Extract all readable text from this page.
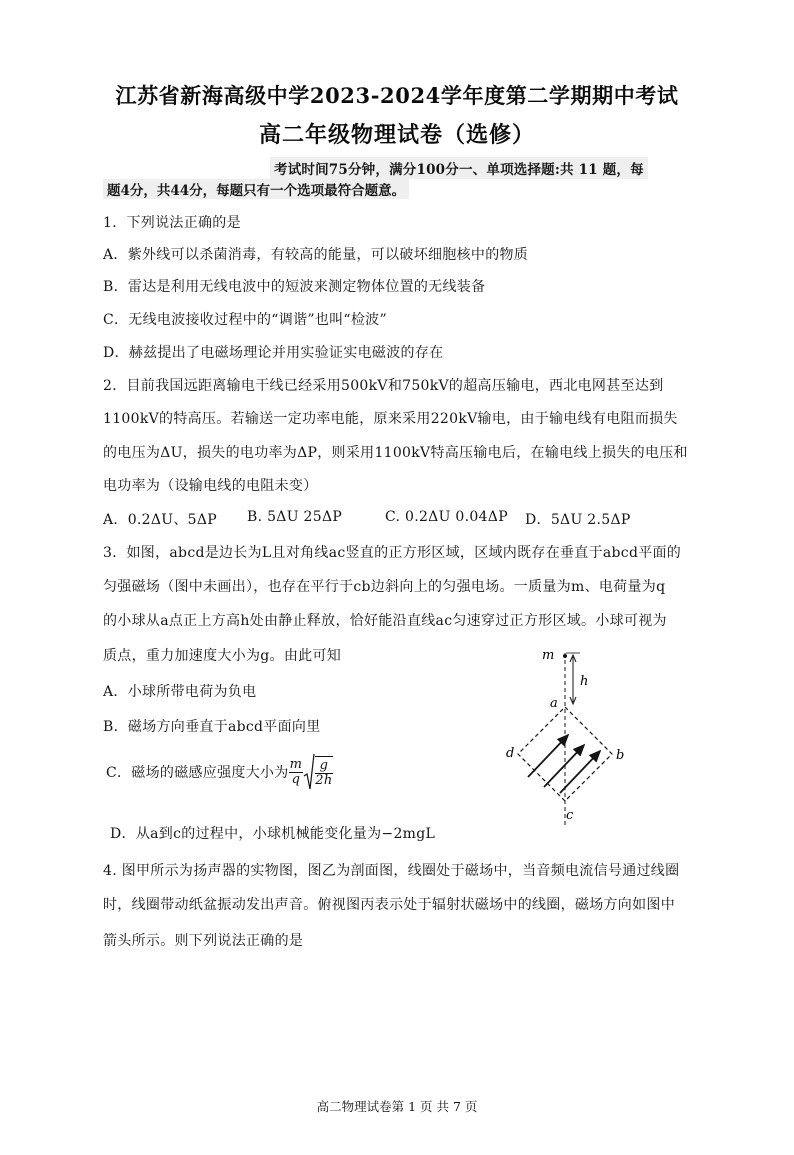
江苏省新海高级中学2023-2024学年度第二学期期中考试
高二年级物理试卷（选修）
考试时间75分钟，满分100分一、单项选择题:共 11 题，每
题4分，共44分，每题只有一个选项最符合题意。
1．下列说法正确的是
A．紫外线可以杀菌消毒，有较高的能量，可以破坏细胞核中的物质
B．雷达是利用无线电波中的短波来测定物体位置的无线装备
C．无线电波接收过程中的“调谐”也叫“检波”
D．赫兹提出了电磁场理论并用实验证实电磁波的存在
2．目前我国远距离输电干线已经采用500kV和750kV的超高压输电，西北电网甚至达到
1100kV的特高压。若输送一定功率电能，原来采用220kV输电，由于输电线有电阻而损失
的电压为ΔU，损失的电功率为ΔP，则采用1100kV特高压输电后，在输电线上损失的电压和
电功率为（设输电线的电阻未变）
A．0.2ΔU、5ΔP B. 5ΔU 25ΔP	C. 0.2ΔU 0.04ΔP D．5ΔU 2.5ΔP
3．如图，abcd是边长为L且对角线ac竖直的正方形区域，区域内既存在垂直于abcd平面的
匀强磁场（图中未画出），也存在平行于cb边斜向上的匀强电场。一质量为m、电荷量为q
的小球从a点正上方高h处由静止释放，恰好能沿直线ac匀速穿过正方形区域。小球可视为
质点，重力加速度大小为g。由此可知
A．小球所带电荷为负电
B．磁场方向垂直于abcd平面向里
C．磁场的磁感应强度大小为 $\frac{m}{q} \frac{g}{2h}$
D．从a到c的过程中，小球机械能变化量为−2mgL
m
h
a
b
c
d
4. 图甲所示为扬声器的实物图，图乙为剖面图，线圈处于磁场中，当音频电流信号通过线圈
时，线圈带动纸盆振动发出声音。俯视图丙表示处于辐射状磁场中的线圈，磁场方向如图中
箭头所示。则下列说法正确的是
高二物理试卷第 1 页 共 7 页
